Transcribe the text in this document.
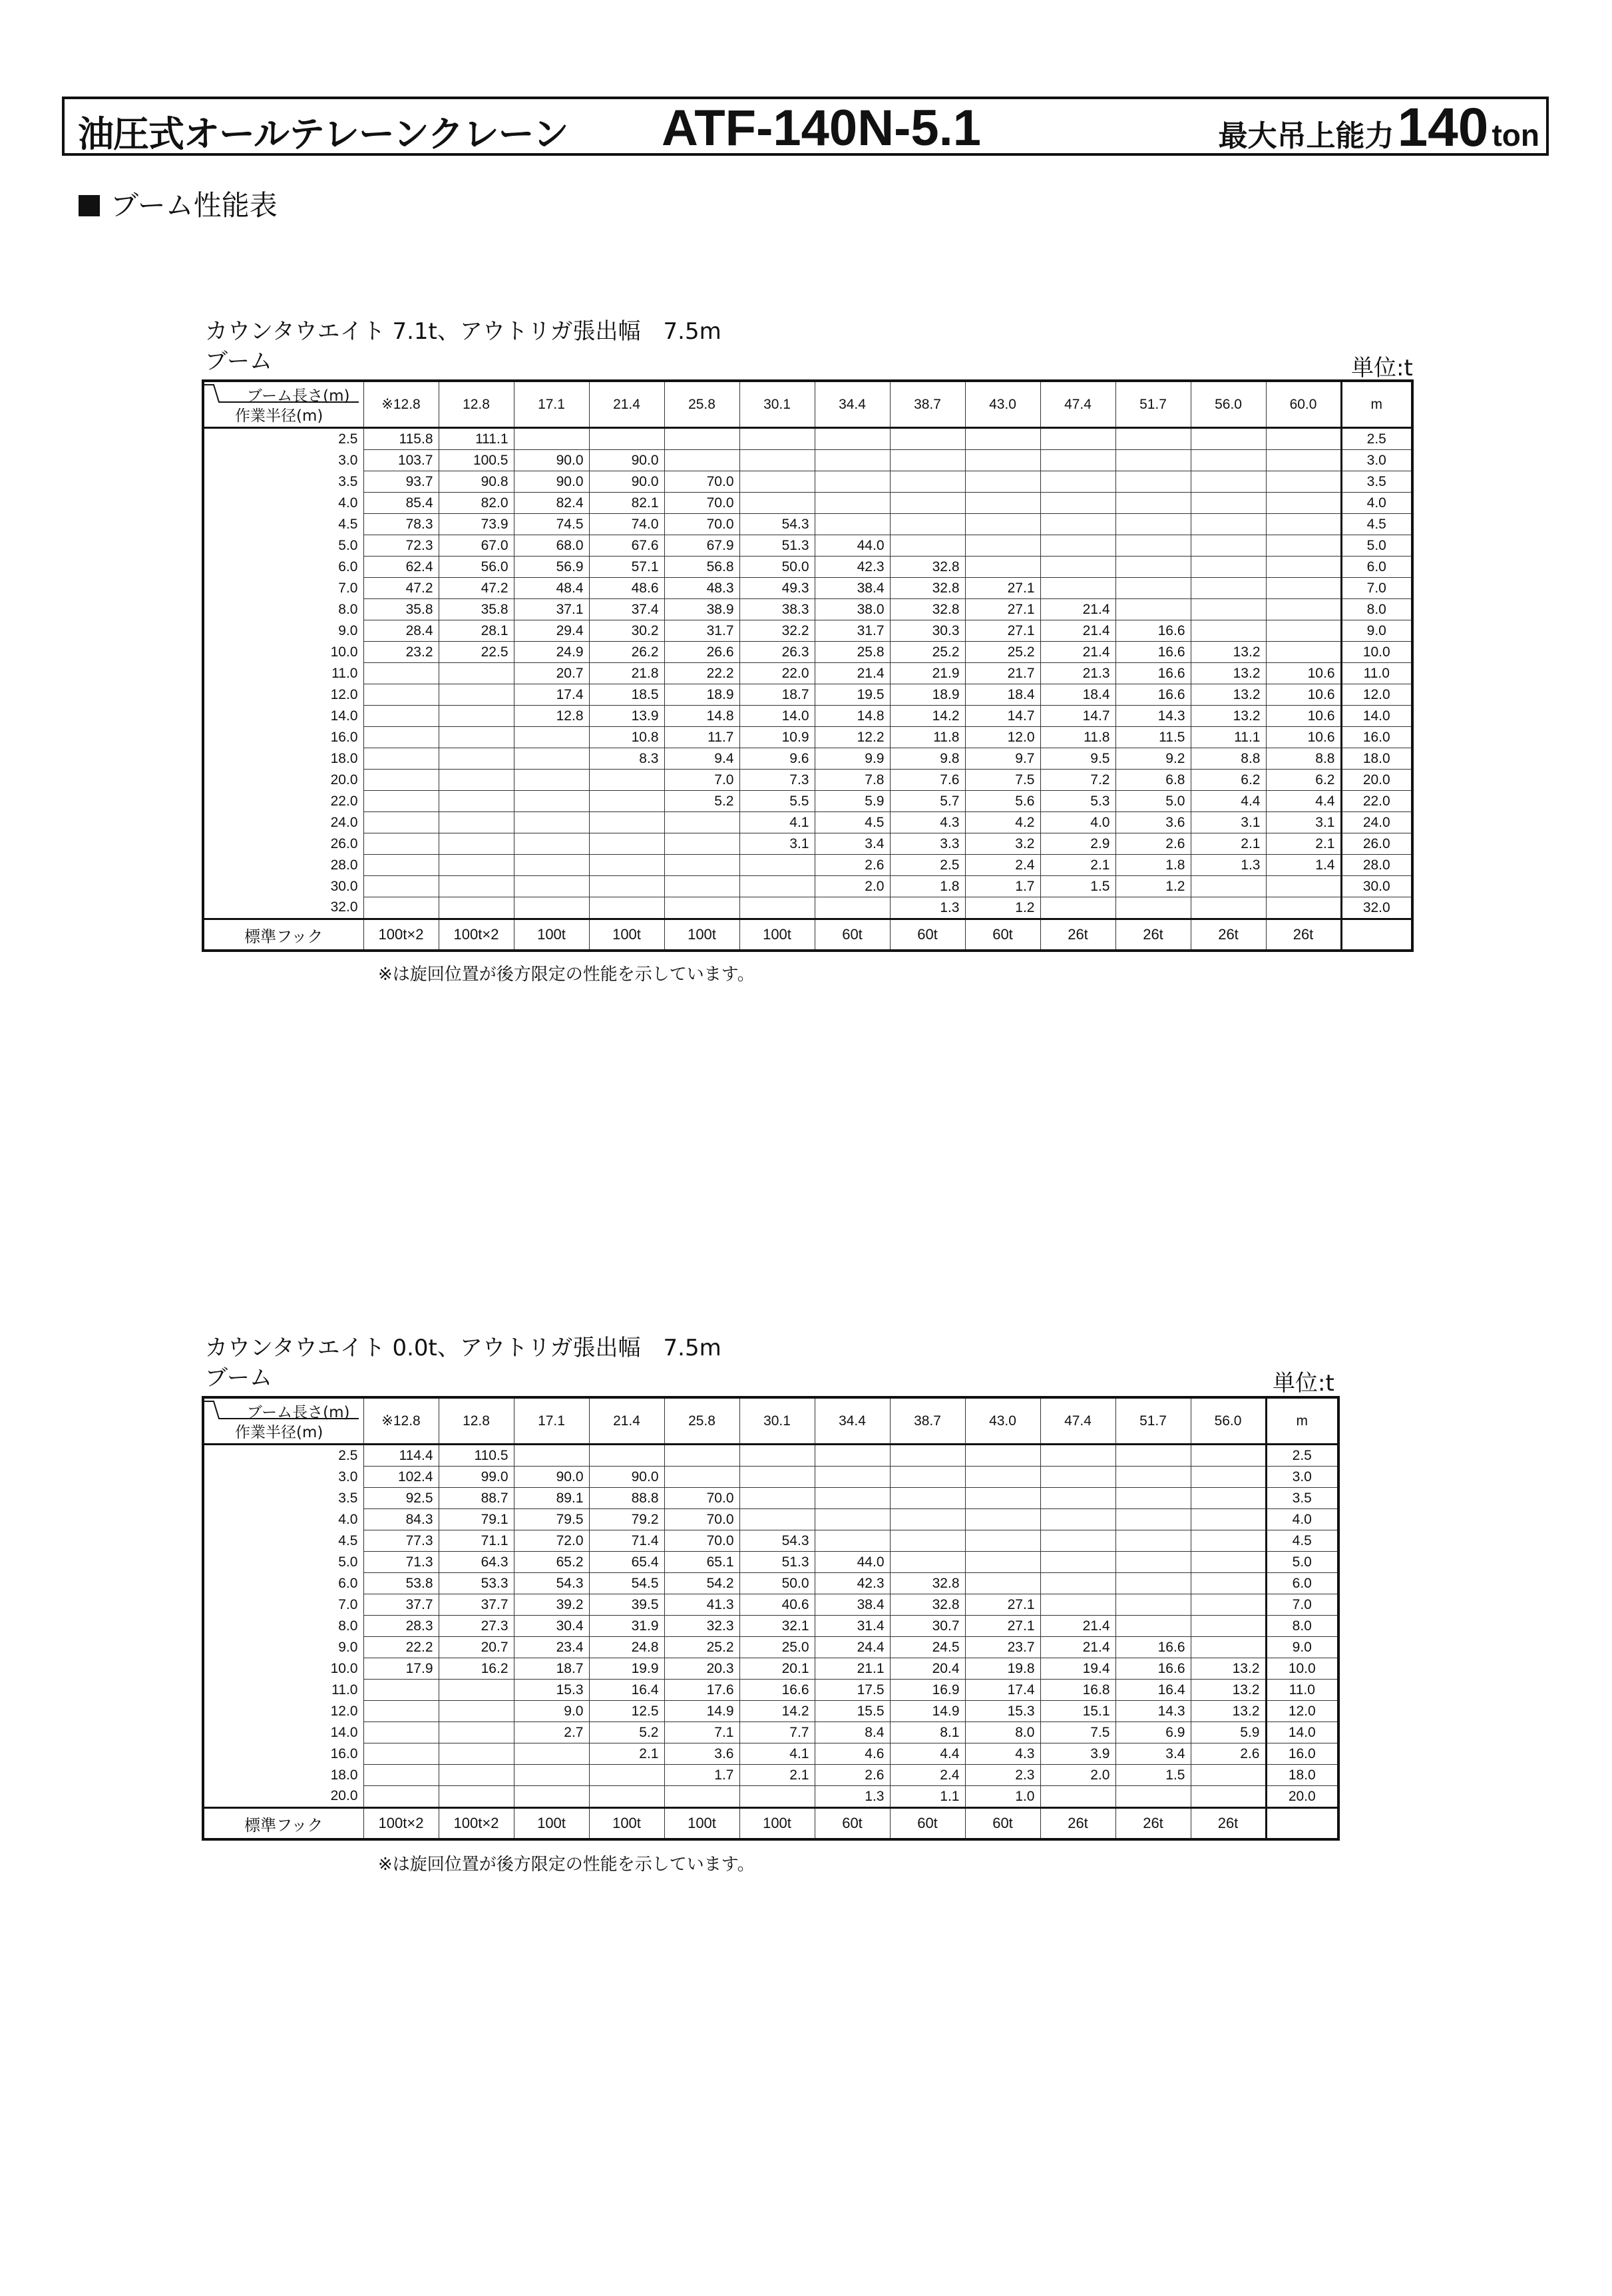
油圧式オールテレーンクレーン ATF-140N-5.1	最大吊上能力 140 ton
ブーム性能表
カウンタウエイト 7.1t、アウトリガ張出幅　7.5m
ブーム	単位:t
ブーム長さ(m)
作業半径(m)	※12.8	12.8	17.1	21.4	25.8	30.1	34.4	38.7	43.0	47.4	51.7	56.0	60.0	m
2.5	115.8	111.1												2.5
3.0	103.7	100.5	90.0	90.0										3.0
3.5	93.7	90.8	90.0	90.0	70.0									3.5
4.0	85.4	82.0	82.4	82.1	70.0									4.0
4.5	78.3	73.9	74.5	74.0	70.0	54.3								4.5
5.0	72.3	67.0	68.0	67.6	67.9	51.3	44.0							5.0
6.0	62.4	56.0	56.9	57.1	56.8	50.0	42.3	32.8						6.0
7.0	47.2	47.2	48.4	48.6	48.3	49.3	38.4	32.8	27.1					7.0
8.0	35.8	35.8	37.1	37.4	38.9	38.3	38.0	32.8	27.1	21.4				8.0
9.0	28.4	28.1	29.4	30.2	31.7	32.2	31.7	30.3	27.1	21.4	16.6			9.0
10.0	23.2	22.5	24.9	26.2	26.6	26.3	25.8	25.2	25.2	21.4	16.6	13.2		10.0
11.0			20.7	21.8	22.2	22.0	21.4	21.9	21.7	21.3	16.6	13.2	10.6	11.0
12.0			17.4	18.5	18.9	18.7	19.5	18.9	18.4	18.4	16.6	13.2	10.6	12.0
14.0			12.8	13.9	14.8	14.0	14.8	14.2	14.7	14.7	14.3	13.2	10.6	14.0
16.0				10.8	11.7	10.9	12.2	11.8	12.0	11.8	11.5	11.1	10.6	16.0
18.0				8.3	9.4	9.6	9.9	9.8	9.7	9.5	9.2	8.8	8.8	18.0
20.0					7.0	7.3	7.8	7.6	7.5	7.2	6.8	6.2	6.2	20.0
22.0					5.2	5.5	5.9	5.7	5.6	5.3	5.0	4.4	4.4	22.0
24.0						4.1	4.5	4.3	4.2	4.0	3.6	3.1	3.1	24.0
26.0						3.1	3.4	3.3	3.2	2.9	2.6	2.1	2.1	26.0
28.0							2.6	2.5	2.4	2.1	1.8	1.3	1.4	28.0
30.0							2.0	1.8	1.7	1.5	1.2			30.0
32.0								1.3	1.2					32.0
標準フック	100t×2	100t×2	100t	100t	100t	100t	60t	60t	60t	26t	26t	26t	26t	
※は旋回位置が後方限定の性能を示しています。
カウンタウエイト 0.0t、アウトリガ張出幅　7.5m
ブーム	単位:t
ブーム長さ(m)
作業半径(m)	※12.8	12.8	17.1	21.4	25.8	30.1	34.4	38.7	43.0	47.4	51.7	56.0	m
2.5	114.4	110.5											2.5
3.0	102.4	99.0	90.0	90.0									3.0
3.5	92.5	88.7	89.1	88.8	70.0								3.5
4.0	84.3	79.1	79.5	79.2	70.0								4.0
4.5	77.3	71.1	72.0	71.4	70.0	54.3							4.5
5.0	71.3	64.3	65.2	65.4	65.1	51.3	44.0						5.0
6.0	53.8	53.3	54.3	54.5	54.2	50.0	42.3	32.8					6.0
7.0	37.7	37.7	39.2	39.5	41.3	40.6	38.4	32.8	27.1				7.0
8.0	28.3	27.3	30.4	31.9	32.3	32.1	31.4	30.7	27.1	21.4			8.0
9.0	22.2	20.7	23.4	24.8	25.2	25.0	24.4	24.5	23.7	21.4	16.6		9.0
10.0	17.9	16.2	18.7	19.9	20.3	20.1	21.1	20.4	19.8	19.4	16.6	13.2	10.0
11.0			15.3	16.4	17.6	16.6	17.5	16.9	17.4	16.8	16.4	13.2	11.0
12.0			9.0	12.5	14.9	14.2	15.5	14.9	15.3	15.1	14.3	13.2	12.0
14.0			2.7	5.2	7.1	7.7	8.4	8.1	8.0	7.5	6.9	5.9	14.0
16.0				2.1	3.6	4.1	4.6	4.4	4.3	3.9	3.4	2.6	16.0
18.0					1.7	2.1	2.6	2.4	2.3	2.0	1.5		18.0
20.0							1.3	1.1	1.0				20.0
標準フック	100t×2	100t×2	100t	100t	100t	100t	60t	60t	60t	26t	26t	26t	
※は旋回位置が後方限定の性能を示しています。
